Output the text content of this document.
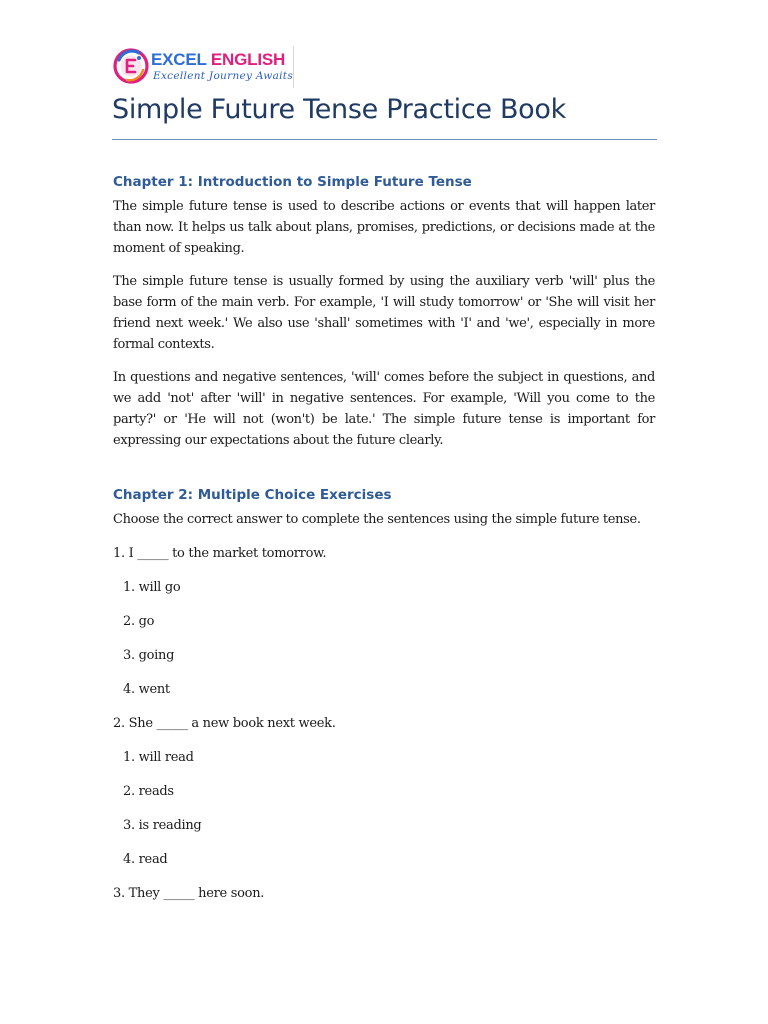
EXCEL ENGLISH
Excellent Journey Awaits
Simple Future Tense Practice Book
Chapter 1: Introduction to Simple Future Tense

The simple future tense is used to describe actions or events that will happen later than now. It helps us talk about plans, promises, predictions, or decisions made at the moment of speaking.

The simple future tense is usually formed by using the auxiliary verb 'will' plus the base form of the main verb. For example, 'I will study tomorrow' or 'She will visit her friend next week.' We also use 'shall' sometimes with 'I' and 'we', especially in more formal contexts.

In questions and negative sentences, 'will' comes before the subject in questions, and we add 'not' after 'will' in negative sentences. For example, 'Will you come to the party?' or 'He will not (won't) be late.' The simple future tense is important for expressing our expectations about the future clearly.

Chapter 2: Multiple Choice Exercises

Choose the correct answer to complete the sentences using the simple future tense.

1. I _____ to the market tomorrow.

1. will go

2. go

3. going

4. went

2. She _____ a new book next week.

1. will read

2. reads

3. is reading

4. read

3. They _____ here soon.
